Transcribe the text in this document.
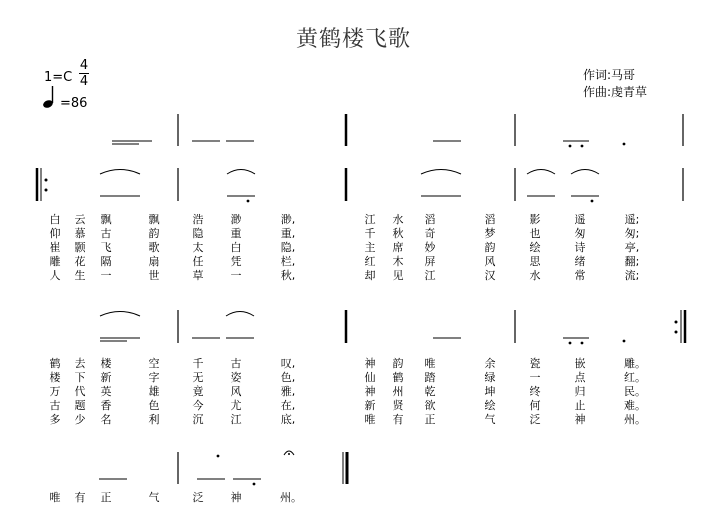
黄鹤楼飞歌
1=C
4
4
=86
作词:马哥
作曲:虔青草
白 云 飘	飘	浩 渺	渺,	江 水 滔	滔	影	遥	遥;
仰 慕 古	韵	隐 重	重,	千 秋 奇	梦	也	匆	匆;
崔 颢 飞	歌	太 白	隐,	主 席 妙	韵	绘	诗	亭,
雕 花 隔	扇	任 凭	栏,	红 木 屏	风	思	绪	翻;
人 生 一	世	草 一	秋,	却 见 江	汉	水	常	流;
鹤 去 楼	空	千 古	叹,	神 韵 唯	余	瓷	嵌	雕。
楼 下 新	字	无 姿	色,	仙 鹤 踏	绿	一	点	红。
万 代 英	雄	竟 风	雅,	神 州 乾	坤	终	归	民。
古 题 香	色	今 尤	在,	新 贤 欲	绘	何	止	难。
多 少 名	利	沉 江	底,	唯 有 正	气	泛	神	州。
唯 有 正	气	泛 神	州。
